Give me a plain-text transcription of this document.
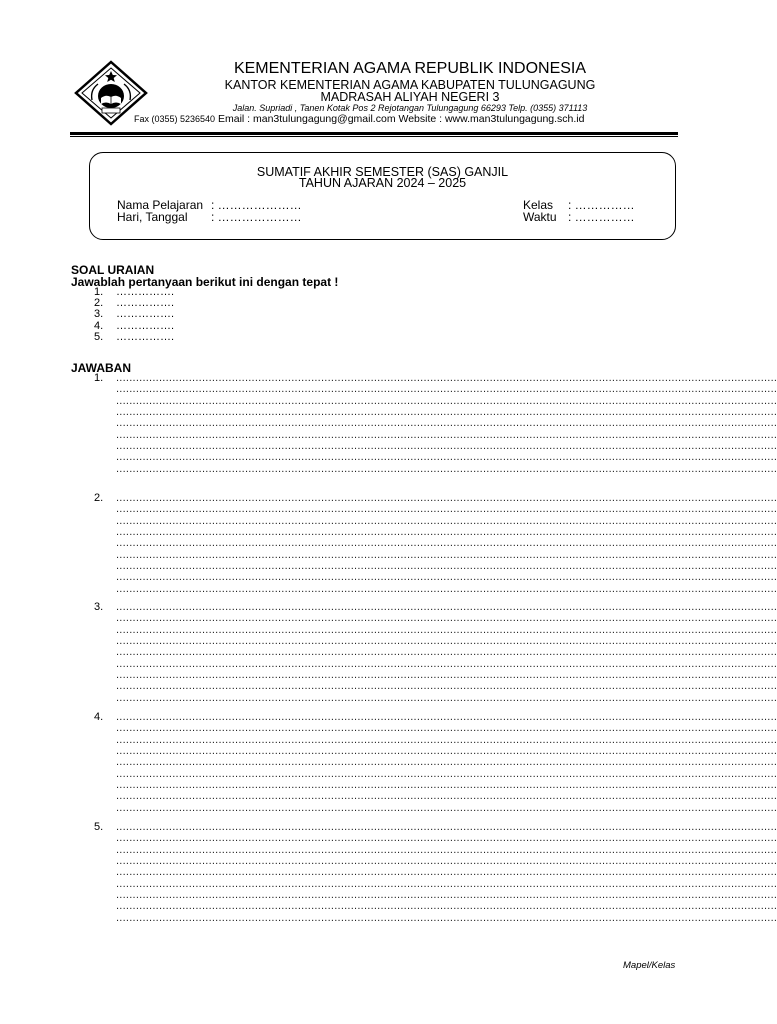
KEMENTERIAN AGAMA REPUBLIK INDONESIA
KANTOR KEMENTERIAN AGAMA KABUPATEN TULUNGAGUNG
MADRASAH ALIYAH NEGERI 3
Jalan. Supriadi , Tanen Kotak Pos 2 Rejotangan Tulungagung 66293 Telp. (0355) 371113
Fax (0355) 5236540 Email : man3tulungagung@gmail.com Website : www.man3tulungagung.sch.id
SUMATIF AKHIR SEMESTER (SAS) GANJIL
TAHUN AJARAN 2024 – 2025
Nama Pelajaran : …………………
Hari, Tanggal : …………………
Kelas : ……………
Waktu : ……………
SOAL URAIAN
Jawablah pertanyaan berikut ini dengan tepat !
1.	…………….
2.	…………….
3.	…………….
4.	…………….
5.	…………….
JAWABAN
1.	........................................................................................................................................................................................................
........................................................................................................................................................................................................
........................................................................................................................................................................................................
........................................................................................................................................................................................................
........................................................................................................................................................................................................
........................................................................................................................................................................................................
........................................................................................................................................................................................................
........................................................................................................................................................................................................
........................................................................................................................................................................................................
2.	........................................................................................................................................................................................................
........................................................................................................................................................................................................
........................................................................................................................................................................................................
........................................................................................................................................................................................................
........................................................................................................................................................................................................
........................................................................................................................................................................................................
........................................................................................................................................................................................................
........................................................................................................................................................................................................
........................................................................................................................................................................................................
3.	........................................................................................................................................................................................................
........................................................................................................................................................................................................
........................................................................................................................................................................................................
........................................................................................................................................................................................................
........................................................................................................................................................................................................
........................................................................................................................................................................................................
........................................................................................................................................................................................................
........................................................................................................................................................................................................
........................................................................................................................................................................................................
4.	........................................................................................................................................................................................................
........................................................................................................................................................................................................
........................................................................................................................................................................................................
........................................................................................................................................................................................................
........................................................................................................................................................................................................
........................................................................................................................................................................................................
........................................................................................................................................................................................................
........................................................................................................................................................................................................
........................................................................................................................................................................................................
5.	........................................................................................................................................................................................................
........................................................................................................................................................................................................
........................................................................................................................................................................................................
........................................................................................................................................................................................................
........................................................................................................................................................................................................
........................................................................................................................................................................................................
........................................................................................................................................................................................................
........................................................................................................................................................................................................
........................................................................................................................................................................................................
Mapel/Kelas
